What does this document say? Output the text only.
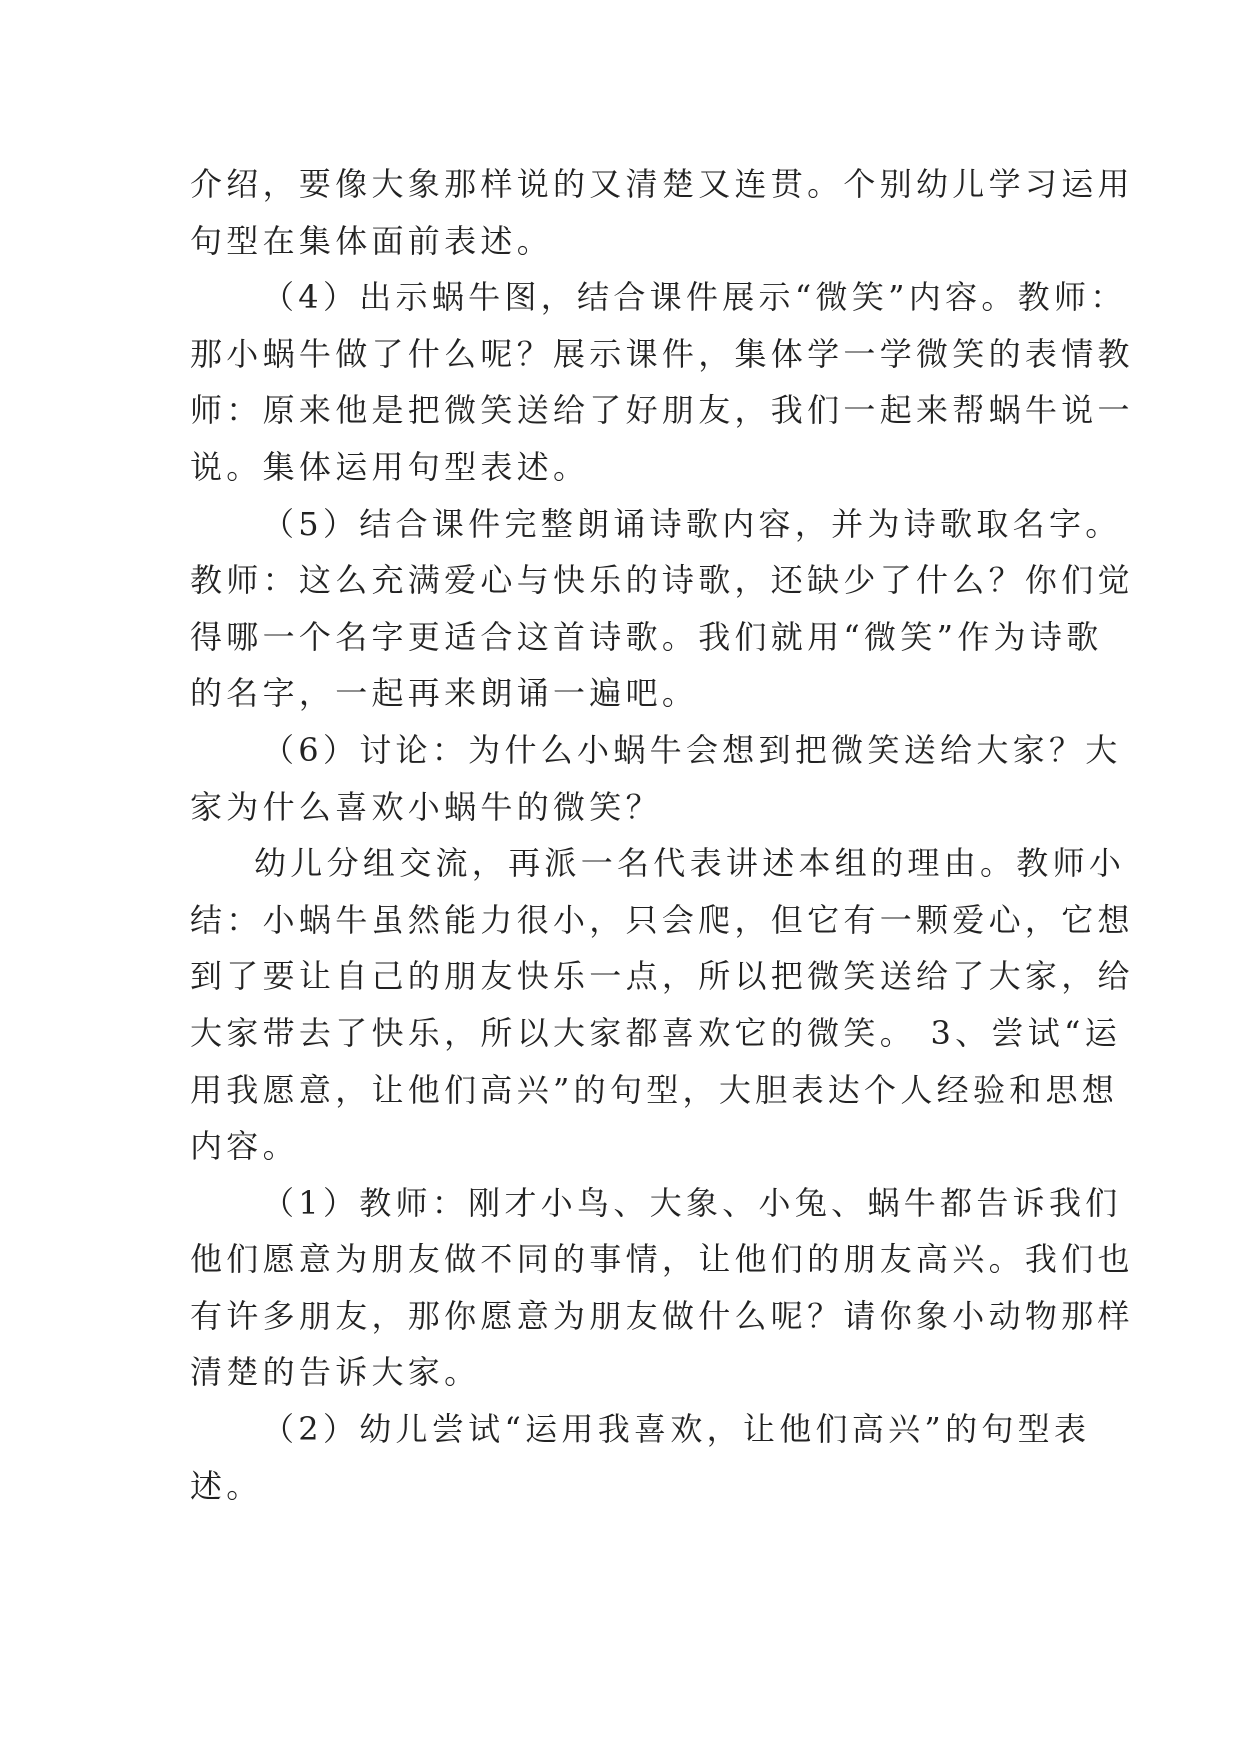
介绍，要像大象那样说的又清楚又连贯。个别幼儿学习运用
句型在集体面前表述。

（4）出示蜗牛图，结合课件展示“微笑”内容。教师：
那小蜗牛做了什么呢？展示课件，集体学一学微笑的表情教
师：原来他是把微笑送给了好朋友，我们一起来帮蜗牛说一
说。集体运用句型表述。

（5）结合课件完整朗诵诗歌内容，并为诗歌取名字。
教师：这么充满爱心与快乐的诗歌，还缺少了什么？你们觉
得哪一个名字更适合这首诗歌。我们就用“微笑”作为诗歌
的名字，一起再来朗诵一遍吧。

（6）讨论：为什么小蜗牛会想到把微笑送给大家？大
家为什么喜欢小蜗牛的微笑？

幼儿分组交流，再派一名代表讲述本组的理由。教师小
结：小蜗牛虽然能力很小，只会爬，但它有一颗爱心，它想
到了要让自己的朋友快乐一点，所以把微笑送给了大家，给
大家带去了快乐，所以大家都喜欢它的微笑。 3、尝试“运
用我愿意，让他们高兴”的句型，大胆表达个人经验和思想
内容。

（1）教师：刚才小鸟、大象、小兔、蜗牛都告诉我们
他们愿意为朋友做不同的事情，让他们的朋友高兴。我们也
有许多朋友，那你愿意为朋友做什么呢？请你象小动物那样
清楚的告诉大家。

（2）幼儿尝试“运用我喜欢，让他们高兴”的句型表
述。
